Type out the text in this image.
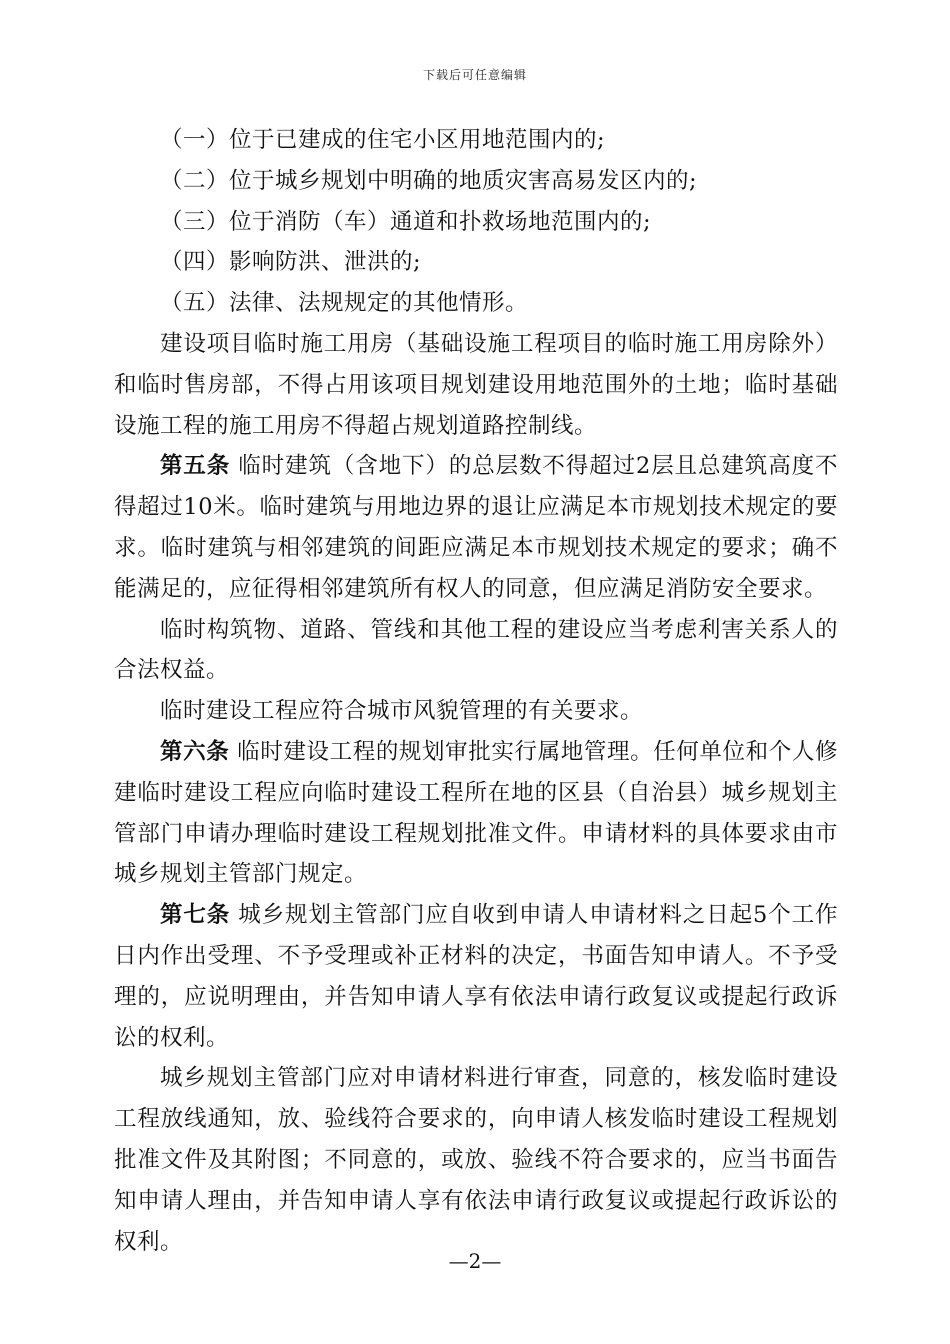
下载后可任意编辑

（一）位于已建成的住宅小区用地范围内的;

（二）位于城乡规划中明确的地质灾害高易发区内的;

（三）位于消防（车）通道和扑救场地范围内的;

（四）影响防洪、泄洪的;

（五）法律、法规规定的其他情形。

建设项目临时施工用房（基础设施工程项目的临时施工用房除外）和临时售房部，不得占用该项目规划建设用地范围外的土地；临时基础设施工程的施工用房不得超占规划道路控制线。

第五条 临时建筑（含地下）的总层数不得超过2层且总建筑高度不得超过10米。临时建筑与用地边界的退让应满足本市规划技术规定的要求。临时建筑与相邻建筑的间距应满足本市规划技术规定的要求；确不能满足的，应征得相邻建筑所有权人的同意，但应满足消防安全要求。

临时构筑物、道路、管线和其他工程的建设应当考虑利害关系人的合法权益。

临时建设工程应符合城市风貌管理的有关要求。

第六条 临时建设工程的规划审批实行属地管理。任何单位和个人修建临时建设工程应向临时建设工程所在地的区县（自治县）城乡规划主管部门申请办理临时建设工程规划批准文件。申请材料的具体要求由市城乡规划主管部门规定。

第七条 城乡规划主管部门应自收到申请人申请材料之日起5个工作日内作出受理、不予受理或补正材料的决定，书面告知申请人。不予受理的，应说明理由，并告知申请人享有依法申请行政复议或提起行政诉讼的权利。

城乡规划主管部门应对申请材料进行审查，同意的，核发临时建设工程放线通知，放、验线符合要求的，向申请人核发临时建设工程规划批准文件及其附图；不同意的，或放、验线不符合要求的，应当书面告知申请人理由，并告知申请人享有依法申请行政复议或提起行政诉讼的权利。

—2—
